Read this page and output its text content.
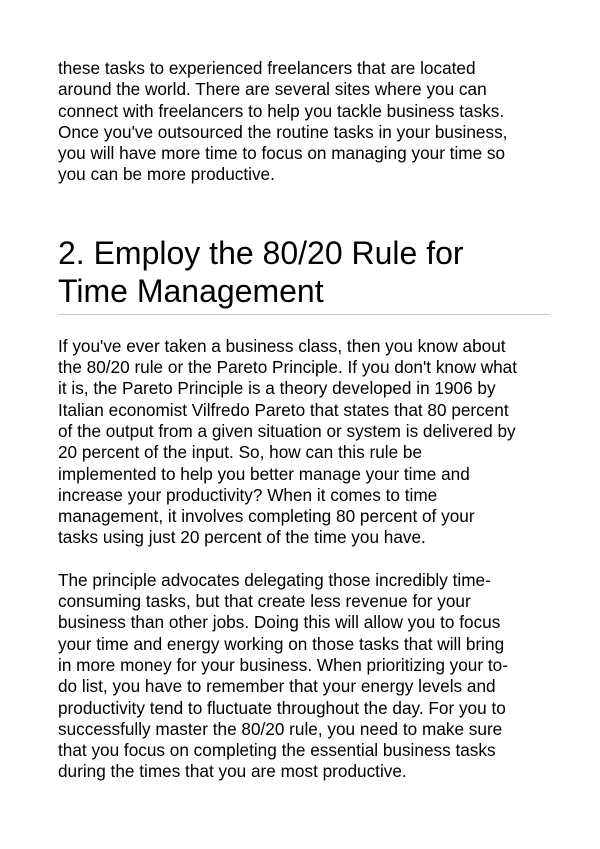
these tasks to experienced freelancers that are located
around the world. There are several sites where you can
connect with freelancers to help you tackle business tasks.
Once you've outsourced the routine tasks in your business,
you will have more time to focus on managing your time so
you can be more productive.

2. Employ the 80/20 Rule for
Time Management

If you've ever taken a business class, then you know about
the 80/20 rule or the Pareto Principle. If you don't know what
it is, the Pareto Principle is a theory developed in 1906 by
Italian economist Vilfredo Pareto that states that 80 percent
of the output from a given situation or system is delivered by
20 percent of the input. So, how can this rule be
implemented to help you better manage your time and
increase your productivity? When it comes to time
management, it involves completing 80 percent of your
tasks using just 20 percent of the time you have.

The principle advocates delegating those incredibly time-
consuming tasks, but that create less revenue for your
business than other jobs. Doing this will allow you to focus
your time and energy working on those tasks that will bring
in more money for your business. When prioritizing your to-
do list, you have to remember that your energy levels and
productivity tend to fluctuate throughout the day. For you to
successfully master the 80/20 rule, you need to make sure
that you focus on completing the essential business tasks
during the times that you are most productive.
